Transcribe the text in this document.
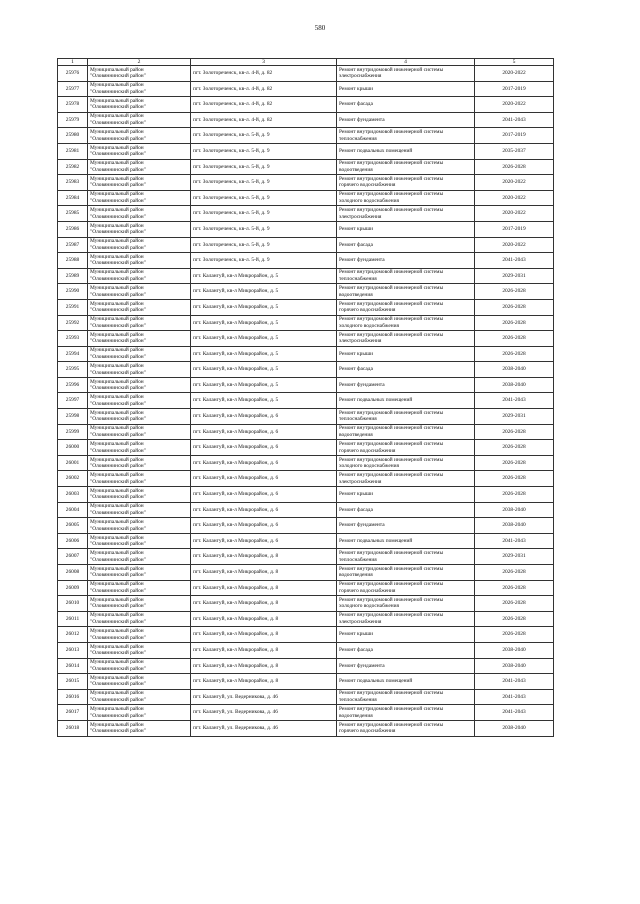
580
1	2	3	4	5
25976	Муниципальный район
"Оловяннинский район"	пгт. Золотореченск, кв-л. 4-й, д. 82	Ремонт внутридомовой инженерной системы
электроснабжения	2020-2022
25977	Муниципальный район
"Оловяннинский район"	пгт. Золотореченск, кв-л. 4-й, д. 82	Ремонт крыши	2017-2019
25978	Муниципальный район
"Оловяннинский район"	пгт. Золотореченск, кв-л. 4-й, д. 82	Ремонт фасада	2020-2022
25979	Муниципальный район
"Оловяннинский район"	пгт. Золотореченск, кв-л. 4-й, д. 82	Ремонт фундамента	2041-2043
25980	Муниципальный район
"Оловяннинский район"	пгт. Золотореченск, кв-л. 5-й, д. 9	Ремонт внутридомовой инженерной системы
теплоснабжения	2017-2019
25981	Муниципальный район
"Оловяннинский район"	пгт. Золотореченск, кв-л. 5-й, д. 9	Ремонт подвальных помещений	2035-2037
25982	Муниципальный район
"Оловяннинский район"	пгт. Золотореченск, кв-л. 5-й, д. 9	Ремонт внутридомовой инженерной системы
водоотведения	2026-2028
25983	Муниципальный район
"Оловяннинский район"	пгт. Золотореченск, кв-л. 5-й, д. 9	Ремонт внутридомовой инженерной системы
горячего водоснабжения	2020-2022
25984	Муниципальный район
"Оловяннинский район"	пгт. Золотореченск, кв-л. 5-й, д. 9	Ремонт внутридомовой инженерной системы
холодного водоснабжения	2020-2022
25985	Муниципальный район
"Оловяннинский район"	пгт. Золотореченск, кв-л. 5-й, д. 9	Ремонт внутридомовой инженерной системы
электроснабжения	2020-2022
25986	Муниципальный район
"Оловяннинский район"	пгт. Золотореченск, кв-л. 5-й, д. 9	Ремонт крыши	2017-2019
25987	Муниципальный район
"Оловяннинский район"	пгт. Золотореченск, кв-л. 5-й, д. 9	Ремонт фасада	2020-2022
25988	Муниципальный район
"Оловяннинский район"	пгт. Золотореченск, кв-л. 5-й, д. 9	Ремонт фундамента	2041-2043
25989	Муниципальный район
"Оловяннинский район"	пгт. Калангуй, кв-л Микрорайон, д. 5	Ремонт внутридомовой инженерной системы
теплоснабжения	2029-2031
25990	Муниципальный район
"Оловяннинский район"	пгт. Калангуй, кв-л Микрорайон, д. 5	Ремонт внутридомовой инженерной системы
водоотведения	2026-2028
25991	Муниципальный район
"Оловяннинский район"	пгт. Калангуй, кв-л Микрорайон, д. 5	Ремонт внутридомовой инженерной системы
горячего водоснабжения	2026-2028
25992	Муниципальный район
"Оловяннинский район"	пгт. Калангуй, кв-л Микрорайон, д. 5	Ремонт внутридомовой инженерной системы
холодного водоснабжения	2026-2028
25993	Муниципальный район
"Оловяннинский район"	пгт. Калангуй, кв-л Микрорайон, д. 5	Ремонт внутридомовой инженерной системы
электроснабжения	2026-2028
25994	Муниципальный район
"Оловяннинский район"	пгт. Калангуй, кв-л Микрорайон, д. 5	Ремонт крыши	2026-2028
25995	Муниципальный район
"Оловяннинский район"	пгт. Калангуй, кв-л Микрорайон, д. 5	Ремонт фасада	2038-2040
25996	Муниципальный район
"Оловяннинский район"	пгт. Калангуй, кв-л Микрорайон, д. 5	Ремонт фундамента	2038-2040
25997	Муниципальный район
"Оловяннинский район"	пгт. Калангуй, кв-л Микрорайон, д. 5	Ремонт подвальных помещений	2041-2043
25998	Муниципальный район
"Оловяннинский район"	пгт. Калангуй, кв-л Микрорайон, д. 6	Ремонт внутридомовой инженерной системы
теплоснабжения	2029-2031
25999	Муниципальный район
"Оловяннинский район"	пгт. Калангуй, кв-л Микрорайон, д. 6	Ремонт внутридомовой инженерной системы
водоотведения	2026-2028
26000	Муниципальный район
"Оловяннинский район"	пгт. Калангуй, кв-л Микрорайон, д. 6	Ремонт внутридомовой инженерной системы
горячего водоснабжения	2026-2028
26001	Муниципальный район
"Оловяннинский район"	пгт. Калангуй, кв-л Микрорайон, д. 6	Ремонт внутридомовой инженерной системы
холодного водоснабжения	2026-2028
26002	Муниципальный район
"Оловяннинский район"	пгт. Калангуй, кв-л Микрорайон, д. 6	Ремонт внутридомовой инженерной системы
электроснабжения	2026-2028
26003	Муниципальный район
"Оловяннинский район"	пгт. Калангуй, кв-л Микрорайон, д. 6	Ремонт крыши	2026-2028
26004	Муниципальный район
"Оловяннинский район"	пгт. Калангуй, кв-л Микрорайон, д. 6	Ремонт фасада	2038-2040
26005	Муниципальный район
"Оловяннинский район"	пгт. Калангуй, кв-л Микрорайон, д. 6	Ремонт фундамента	2038-2040
26006	Муниципальный район
"Оловяннинский район"	пгт. Калангуй, кв-л Микрорайон, д. 6	Ремонт подвальных помещений	2041-2043
26007	Муниципальный район
"Оловяннинский район"	пгт. Калангуй, кв-л Микрорайон, д. 8	Ремонт внутридомовой инженерной системы
теплоснабжения	2029-2031
26008	Муниципальный район
"Оловяннинский район"	пгт. Калангуй, кв-л Микрорайон, д. 8	Ремонт внутридомовой инженерной системы
водоотведения	2026-2028
26009	Муниципальный район
"Оловяннинский район"	пгт. Калангуй, кв-л Микрорайон, д. 8	Ремонт внутридомовой инженерной системы
горячего водоснабжения	2026-2028
26010	Муниципальный район
"Оловяннинский район"	пгт. Калангуй, кв-л Микрорайон, д. 8	Ремонт внутридомовой инженерной системы
холодного водоснабжения	2026-2028
26011	Муниципальный район
"Оловяннинский район"	пгт. Калангуй, кв-л Микрорайон, д. 8	Ремонт внутридомовой инженерной системы
электроснабжения	2026-2028
26012	Муниципальный район
"Оловяннинский район"	пгт. Калангуй, кв-л Микрорайон, д. 8	Ремонт крыши	2026-2028
26013	Муниципальный район
"Оловяннинский район"	пгт. Калангуй, кв-л Микрорайон, д. 8	Ремонт фасада	2038-2040
26014	Муниципальный район
"Оловяннинский район"	пгт. Калангуй, кв-л Микрорайон, д. 8	Ремонт фундамента	2038-2040
26015	Муниципальный район
"Оловяннинский район"	пгт. Калангуй, кв-л Микрорайон, д. 8	Ремонт подвальных помещений	2041-2043
26016	Муниципальный район
"Оловяннинский район"	пгт. Калангуй, ул. Ведерникова, д. 46	Ремонт внутридомовой инженерной системы
теплоснабжения	2041-2043
26017	Муниципальный район
"Оловяннинский район"	пгт. Калангуй, ул. Ведерникова, д. 46	Ремонт внутридомовой инженерной системы
водоотведения	2041-2043
26018	Муниципальный район
"Оловяннинский район"	пгт. Калангуй, ул. Ведерникова, д. 46	Ремонт внутридомовой инженерной системы
горячего водоснабжения	2038-2040
